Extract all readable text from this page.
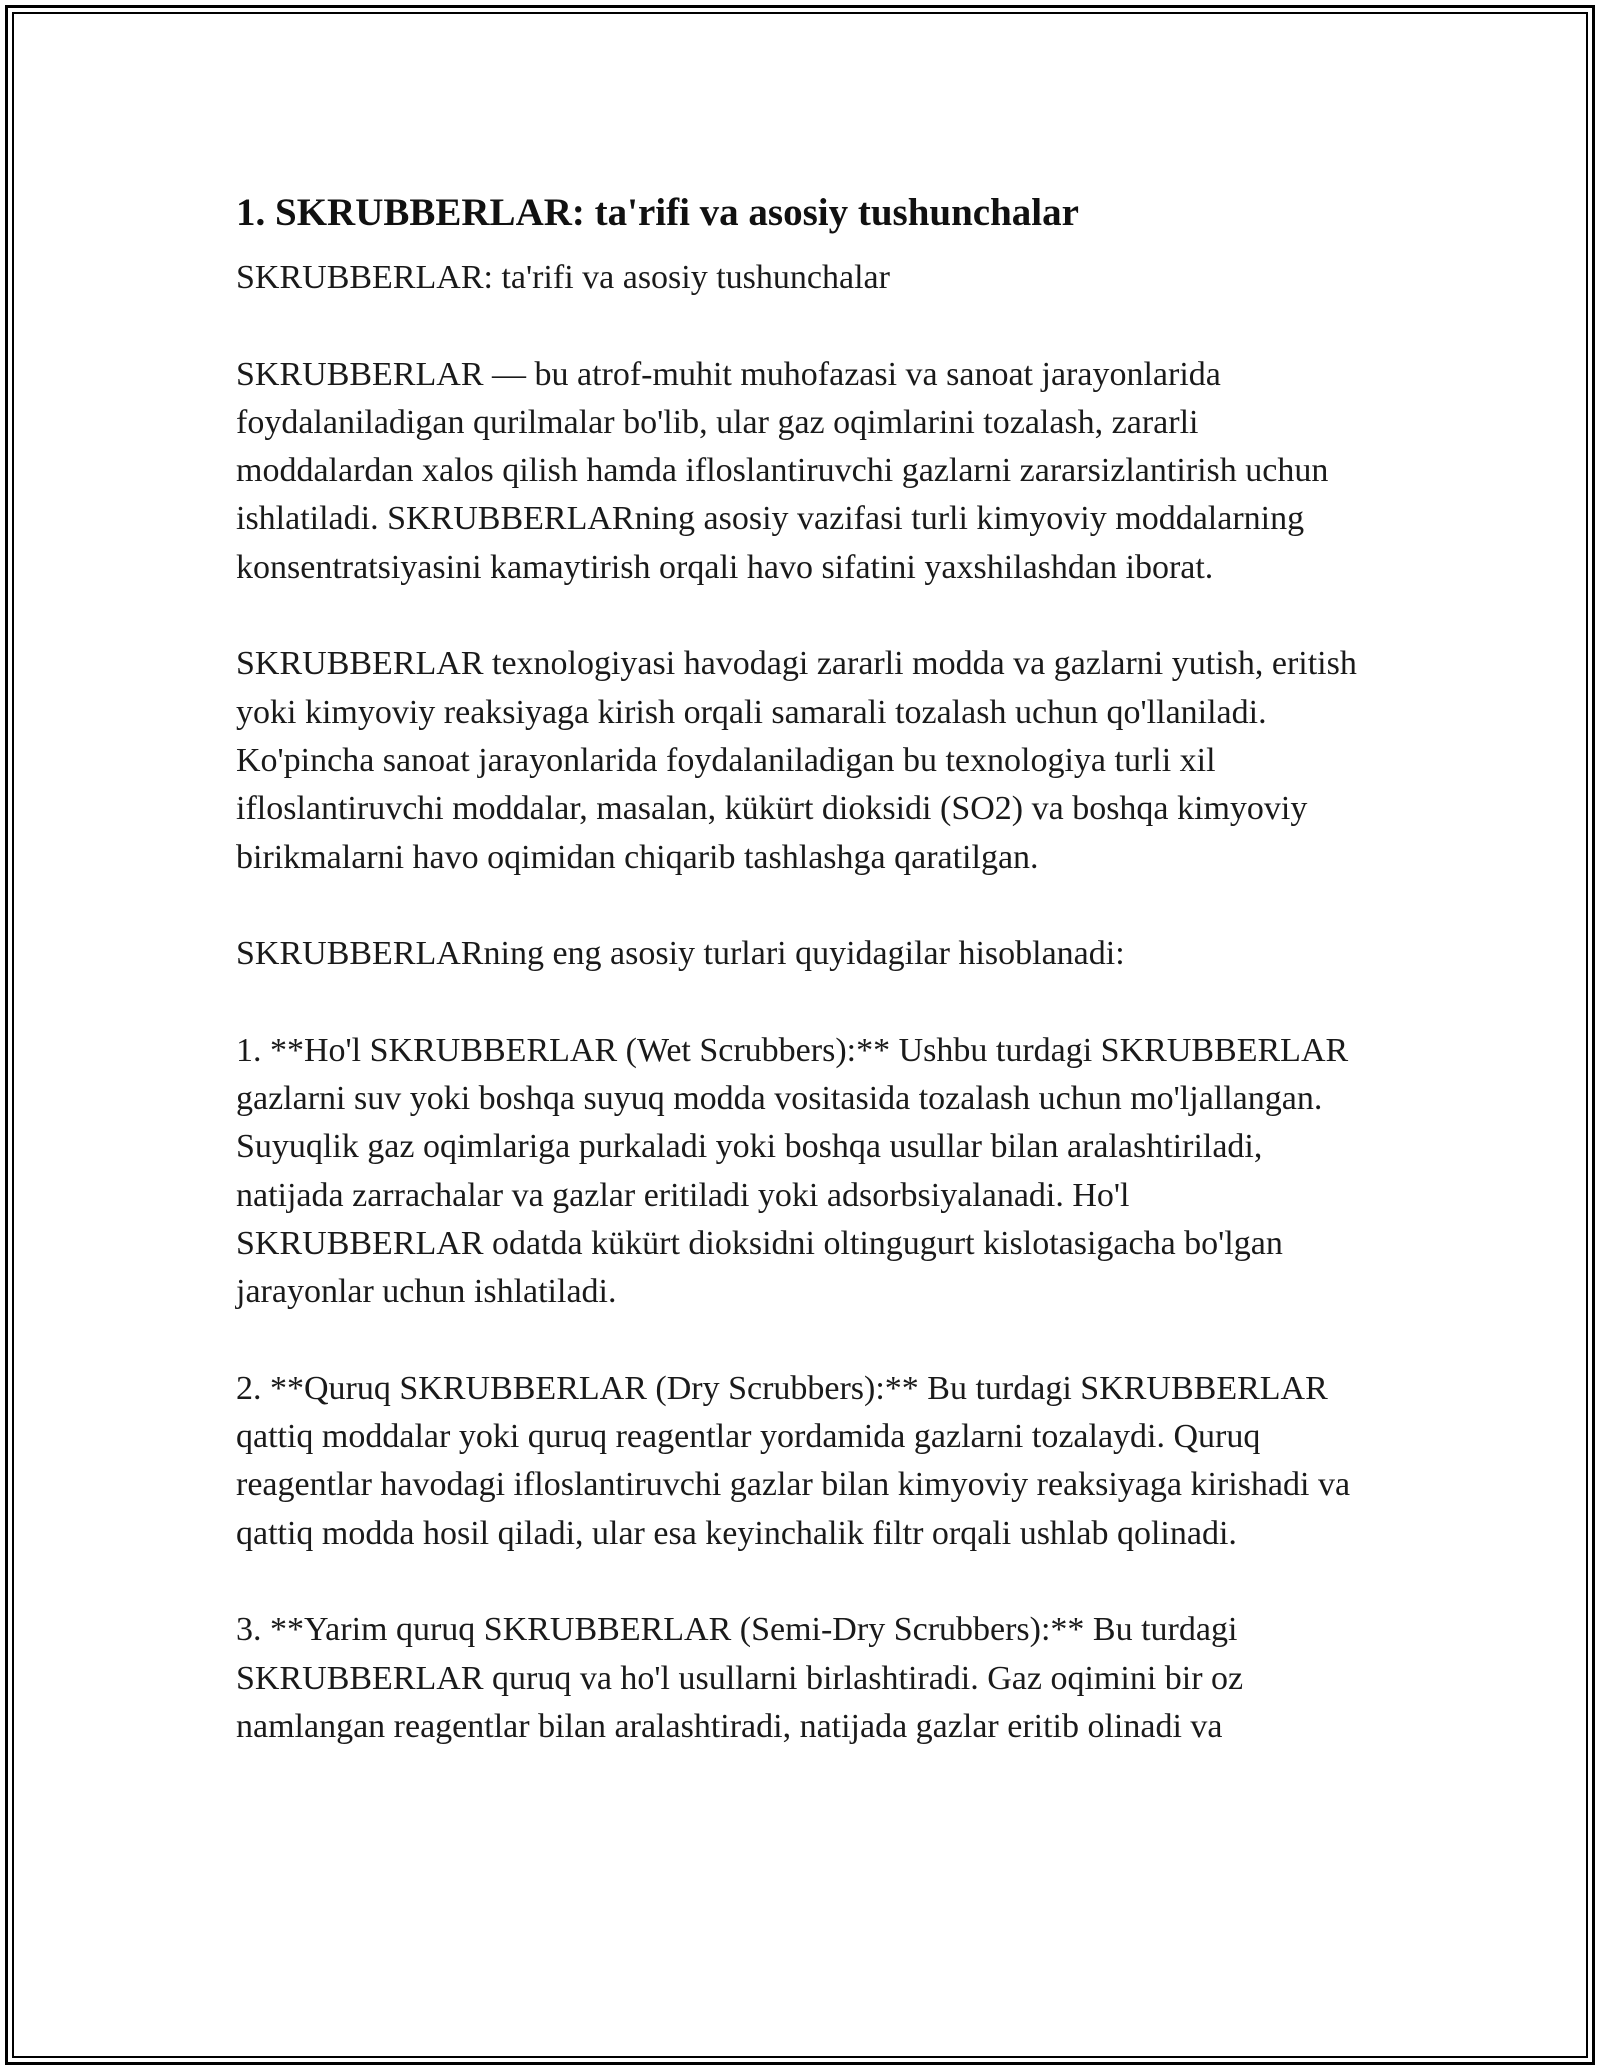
1. SKRUBBERLAR: ta'rifi va asosiy tushunchalar

SKRUBBERLAR: ta'rifi va asosiy tushunchalar

SKRUBBERLAR — bu atrof-muhit muhofazasi va sanoat jarayonlarida foydalaniladigan qurilmalar bo'lib, ular gaz oqimlarini tozalash, zararli moddalardan xalos qilish hamda ifloslantiruvchi gazlarni zararsizlantirish uchun ishlatiladi. SKRUBBERLARning asosiy vazifasi turli kimyoviy moddalarning konsentratsiyasini kamaytirish orqali havo sifatini yaxshilashdan iborat.

SKRUBBERLAR texnologiyasi havodagi zararli modda va gazlarni yutish, eritish yoki kimyoviy reaksiyaga kirish orqali samarali tozalash uchun qo'llaniladi. Ko'pincha sanoat jarayonlarida foydalaniladigan bu texnologiya turli xil ifloslantiruvchi moddalar, masalan, kükürt dioksidi (SO2) va boshqa kimyoviy birikmalarni havo oqimidan chiqarib tashlashga qaratilgan.

SKRUBBERLARning eng asosiy turlari quyidagilar hisoblanadi:

1. **Ho'l SKRUBBERLAR (Wet Scrubbers):** Ushbu turdagi SKRUBBERLAR gazlarni suv yoki boshqa suyuq modda vositasida tozalash uchun mo'ljallangan. Suyuqlik gaz oqimlariga purkaladi yoki boshqa usullar bilan aralashtiriladi, natijada zarrachalar va gazlar eritiladi yoki adsorbsiyalanadi. Ho'l SKRUBBERLAR odatda kükürt dioksidni oltingugurt kislotasigacha bo'lgan jarayonlar uchun ishlatiladi.

2. **Quruq SKRUBBERLAR (Dry Scrubbers):** Bu turdagi SKRUBBERLAR qattiq moddalar yoki quruq reagentlar yordamida gazlarni tozalaydi. Quruq reagentlar havodagi ifloslantiruvchi gazlar bilan kimyoviy reaksiyaga kirishadi va qattiq modda hosil qiladi, ular esa keyinchalik filtr orqali ushlab qolinadi.

3. **Yarim quruq SKRUBBERLAR (Semi-Dry Scrubbers):** Bu turdagi SKRUBBERLAR quruq va ho'l usullarni birlashtiradi. Gaz oqimini bir oz namlangan reagentlar bilan aralashtiradi, natijada gazlar eritib olinadi va
